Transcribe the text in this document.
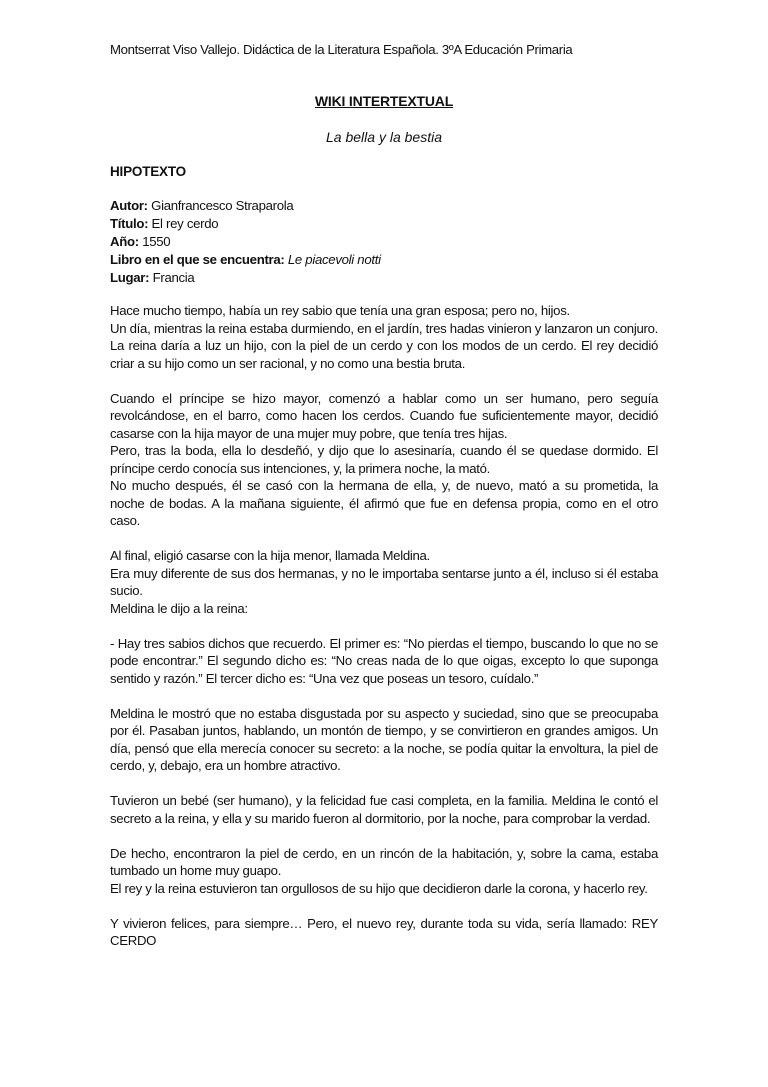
Montserrat Viso Vallejo. Didáctica de la Literatura Española. 3ºA Educación Primaria
WIKI INTERTEXTUAL
La bella y la bestia
HIPOTEXTO
Autor: Gianfrancesco Straparola
Título: El rey cerdo
Año: 1550
Libro en el que se encuentra: Le piacevoli notti
Lugar: Francia

Hace mucho tiempo, había un rey sabio que tenía una gran esposa; pero no, hijos.

Un día, mientras la reina estaba durmiendo, en el jardín, tres hadas vinieron y lanzaron un conjuro. La reina daría a luz un hijo, con la piel de un cerdo y con los modos de un cerdo. El rey decidió criar a su hijo como un ser racional, y no como una bestia bruta.

Cuando el príncipe se hizo mayor, comenzó a hablar como un ser humano, pero seguía revolcándose, en el barro, como hacen los cerdos. Cuando fue suficientemente mayor, decidió casarse con la hija mayor de una mujer muy pobre, que tenía tres hijas.

Pero, tras la boda, ella lo desdeñó, y dijo que lo asesinaría, cuando él se quedase dormido. El príncipe cerdo conocía sus intenciones, y, la primera noche, la mató.

No mucho después, él se casó con la hermana de ella, y, de nuevo, mató a su prometida, la noche de bodas. A la mañana siguiente, él afirmó que fue en defensa propia, como en el otro caso.

Al final, eligió casarse con la hija menor, llamada Meldina.

Era muy diferente de sus dos hermanas, y no le importaba sentarse junto a él, incluso si él estaba sucio.

Meldina le dijo a la reina:

- Hay tres sabios dichos que recuerdo. El primer es: “No pierdas el tiempo, buscando lo que no se pode encontrar.” El segundo dicho es: “No creas nada de lo que oigas, excepto lo que suponga sentido y razón.” El tercer dicho es: “Una vez que poseas un tesoro, cuídalo.”

Meldina le mostró que no estaba disgustada por su aspecto y suciedad, sino que se preocupaba por él. Pasaban juntos, hablando, un montón de tiempo, y se convirtieron en grandes amigos. Un día, pensó que ella merecía conocer su secreto: a la noche, se podía quitar la envoltura, la piel de cerdo, y, debajo, era un hombre atractivo.

Tuvieron un bebé (ser humano), y la felicidad fue casi completa, en la familia. Meldina le contó el secreto a la reina, y ella y su marido fueron al dormitorio, por la noche, para comprobar la verdad.

De hecho, encontraron la piel de cerdo, en un rincón de la habitación, y, sobre la cama, estaba tumbado un home muy guapo.

El rey y la reina estuvieron tan orgullosos de su hijo que decidieron darle la corona, y hacerlo rey.

Y vivieron felices, para siempre… Pero, el nuevo rey, durante toda su vida, sería llamado: REY CERDO
